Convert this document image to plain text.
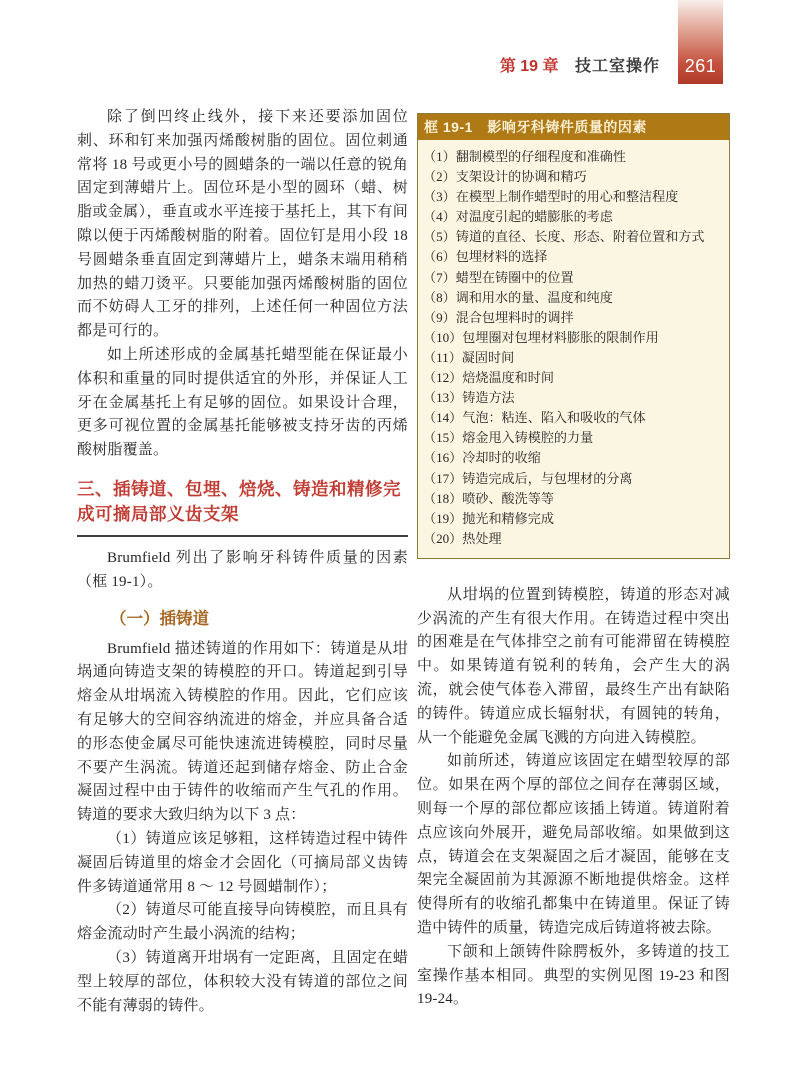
261
第 19 章 技工室操作

除了倒凹终止线外，接下来还要添加固位刺、环和钉来加强丙烯酸树脂的固位。固位刺通常将 18 号或更小号的圆蜡条的一端以任意的锐角固定到薄蜡片上。固位环是小型的圆环（蜡、树脂或金属），垂直或水平连接于基托上，其下有间隙以便于丙烯酸树脂的附着。固位钉是用小段 18 号圆蜡条垂直固定到薄蜡片上，蜡条末端用稍稍加热的蜡刀烫平。只要能加强丙烯酸树脂的固位而不妨碍人工牙的排列，上述任何一种固位方法都是可行的。

如上所述形成的金属基托蜡型能在保证最小体积和重量的同时提供适宜的外形，并保证人工牙在金属基托上有足够的固位。如果设计合理，更多可视位置的金属基托能够被支持牙齿的丙烯酸树脂覆盖。

三、插铸道、包埋、焙烧、铸造和精修完成可摘局部义齿支架

Brumfield 列出了影响牙科铸件质量的因素（框 19-1）。

（一）插铸道

Brumfield 描述铸道的作用如下：铸道是从坩埚通向铸造支架的铸模腔的开口。铸道起到引导熔金从坩埚流入铸模腔的作用。因此，它们应该有足够大的空间容纳流进的熔金，并应具备合适的形态使金属尽可能快速流进铸模腔，同时尽量不要产生涡流。铸道还起到储存熔金、防止合金凝固过程中由于铸件的收缩而产生气孔的作用。铸道的要求大致归纳为以下 3 点：

（1）铸道应该足够粗，这样铸造过程中铸件凝固后铸道里的熔金才会固化（可摘局部义齿铸件多铸道通常用 8 ～ 12 号圆蜡制作）；

（2）铸道尽可能直接导向铸模腔，而且具有熔金流动时产生最小涡流的结构；

（3）铸道离开坩埚有一定距离，且固定在蜡型上较厚的部位，体积较大没有铸道的部位之间不能有薄弱的铸件。

框 19-1　影响牙科铸件质量的因素
（1）翻制模型的仔细程度和准确性
（2）支架设计的协调和精巧
（3）在模型上制作蜡型时的用心和整洁程度
（4）对温度引起的蜡膨胀的考虑
（5）铸道的直径、长度、形态、附着位置和方式
（6）包埋材料的选择
（7）蜡型在铸圈中的位置
（8）调和用水的量、温度和纯度
（9）混合包埋料时的调拌
（10）包埋圈对包埋材料膨胀的限制作用
（11）凝固时间
（12）焙烧温度和时间
（13）铸造方法
（14）气泡：粘连、陷入和吸收的气体
（15）熔金甩入铸模腔的力量
（16）冷却时的收缩
（17）铸造完成后，与包埋材的分离
（18）喷砂、酸洗等等
（19）抛光和精修完成
（20）热处理

从坩埚的位置到铸模腔，铸道的形态对减少涡流的产生有很大作用。在铸造过程中突出的困难是在气体排空之前有可能滞留在铸模腔中。如果铸道有锐利的转角，会产生大的涡流，就会使气体卷入滞留，最终生产出有缺陷的铸件。铸道应成长辐射状，有圆钝的转角，从一个能避免金属飞溅的方向进入铸模腔。

如前所述，铸道应该固定在蜡型较厚的部位。如果在两个厚的部位之间存在薄弱区域，则每一个厚的部位都应该插上铸道。铸道附着点应该向外展开，避免局部收缩。如果做到这点，铸道会在支架凝固之后才凝固，能够在支架完全凝固前为其源源不断地提供熔金。这样使得所有的收缩孔都集中在铸道里。保证了铸造中铸件的质量，铸造完成后铸道将被去除。

下颌和上颌铸件除腭板外，多铸道的技工室操作基本相同。典型的实例见图 19-23 和图 19-24。
